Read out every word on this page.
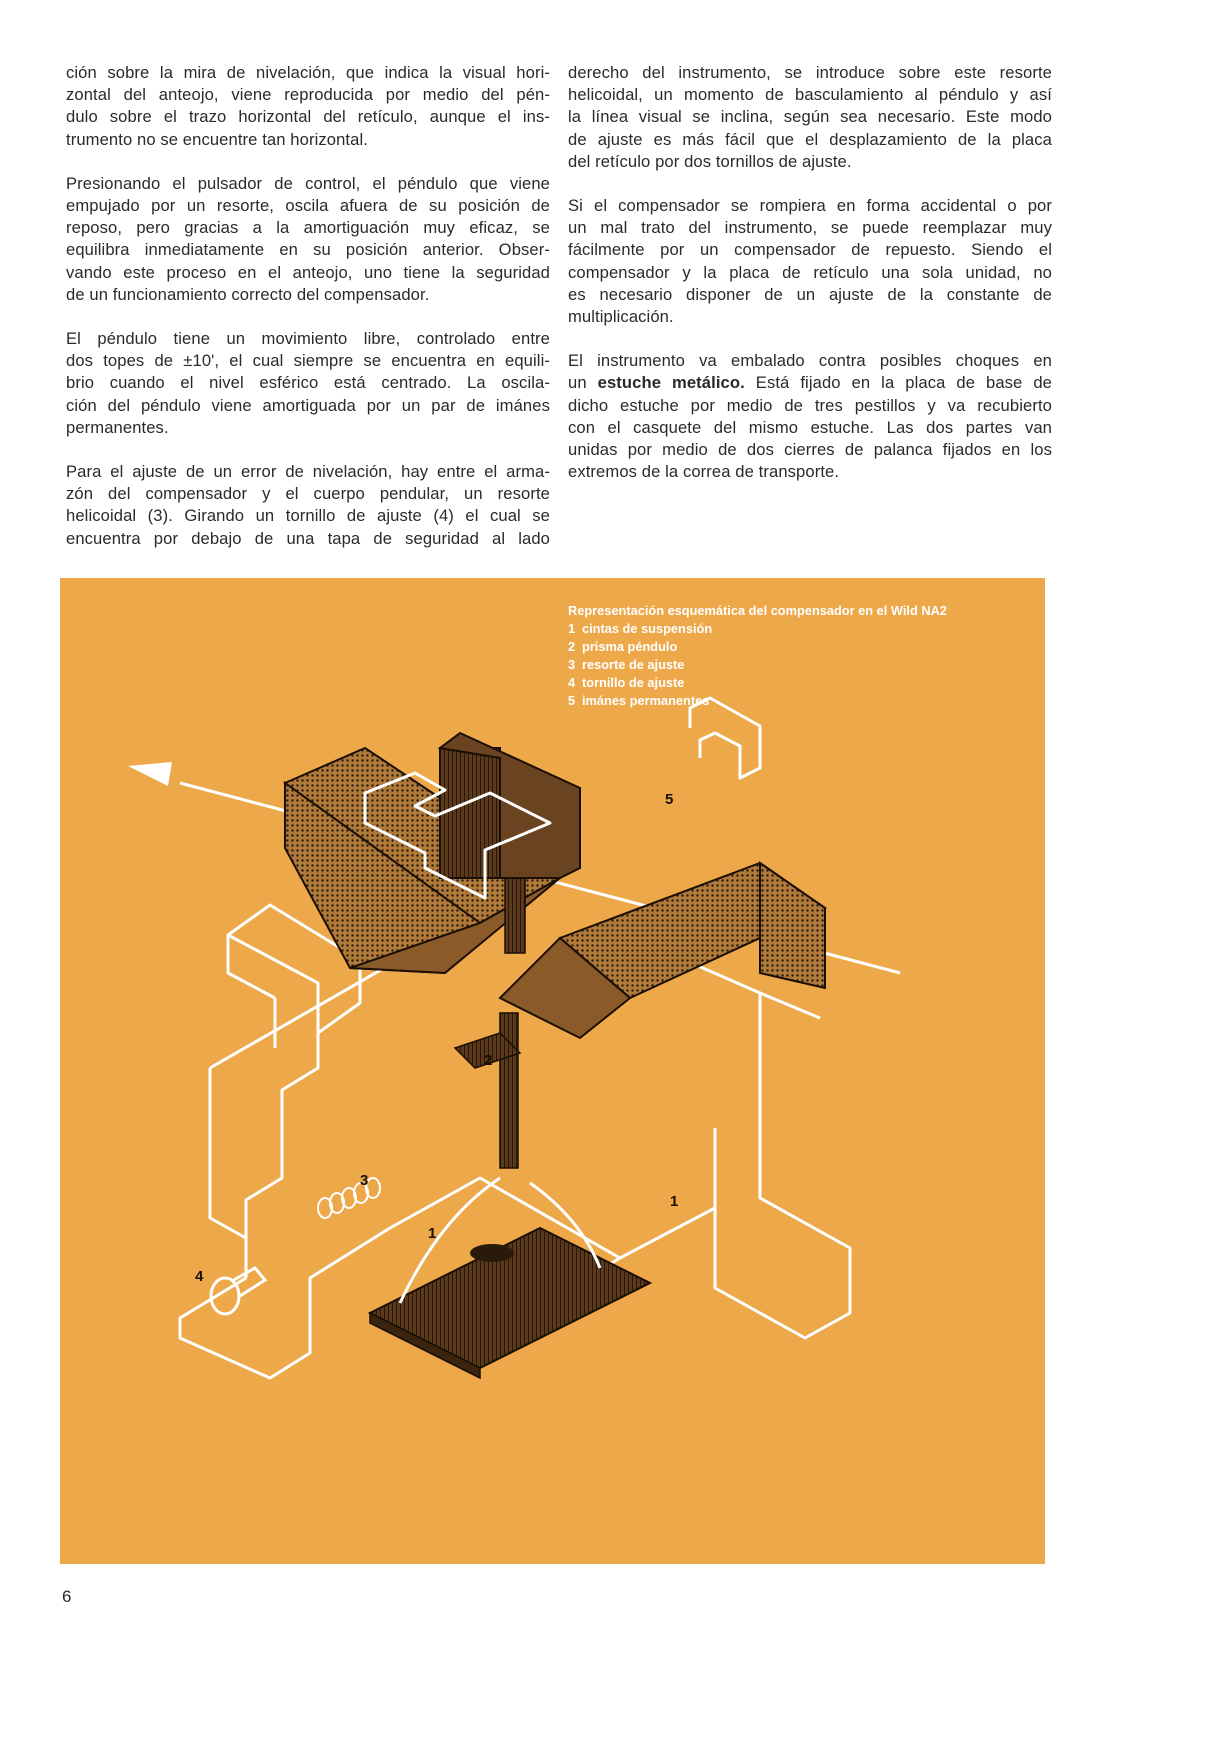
ción sobre la mira de nivelación, que indica la visual hori-
zontal del anteojo, viene reproducida por medio del pén-
dulo sobre el trazo horizontal del retículo, aunque el ins-
trumento no se encuentre tan horizontal.

Presionando el pulsador de control, el péndulo que viene
empujado por un resorte, oscila afuera de su posición de
reposo, pero gracias a la amortiguación muy eficaz, se
equilibra inmediatamente en su posición anterior. Obser-
vando este proceso en el anteojo, uno tiene la seguridad
de un funcionamiento correcto del compensador.

El péndulo tiene un movimiento libre, controlado entre
dos topes de ±10', el cual siempre se encuentra en equili-
brio cuando el nivel esférico está centrado. La oscila-
ción del péndulo viene amortiguada por un par de imánes
permanentes.

Para el ajuste de un error de nivelación, hay entre el arma-
zón del compensador y el cuerpo pendular, un resorte
helicoidal (3). Girando un tornillo de ajuste (4) el cual se
encuentra por debajo de una tapa de seguridad al lado

derecho del instrumento, se introduce sobre este resorte
helicoidal, un momento de basculamiento al péndulo y así
la línea visual se inclina, según sea necesario. Este modo
de ajuste es más fácil que el desplazamiento de la placa
del retículo por dos tornillos de ajuste.

Si el compensador se rompiera en forma accidental o por
un mal trato del instrumento, se puede reemplazar muy
fácilmente por un compensador de repuesto. Siendo el
compensador y la placa de retículo una sola unidad, no
es necesario disponer de un ajuste de la constante de
multiplicación.

El instrumento va embalado contra posibles choques en
un estuche metálico. Está fijado en la placa de base de
dicho estuche por medio de tres pestillos y va recubierto
con el casquete del mismo estuche. Las dos partes van
unidas por medio de dos cierres de palanca fijados en los
extremos de la correa de transporte.

5
2
3
4
1
1
Representación esquemática del compensador en el Wild NA2
1 cintas de suspensión
2 prisma péndulo
3 resorte de ajuste
4 tornillo de ajuste
5 imánes permanentes
6
